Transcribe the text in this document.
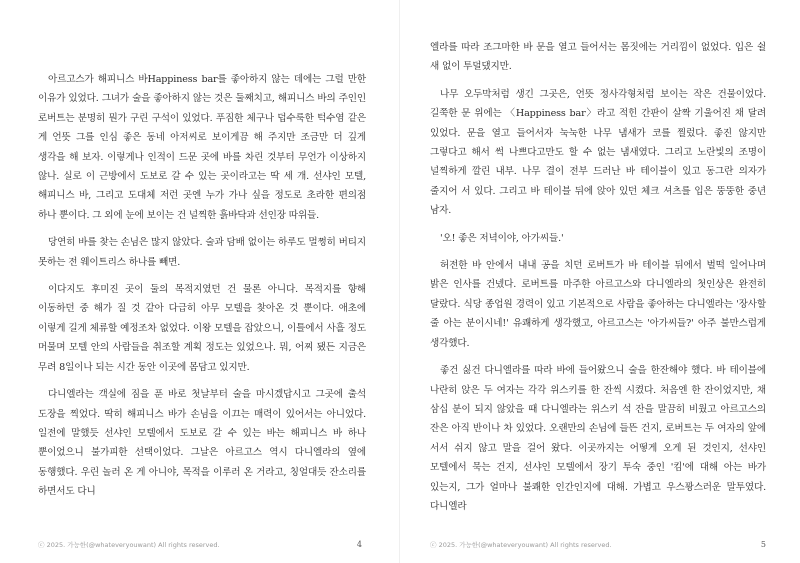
아르고스가 해피니스 바Happiness bar를 좋아하지 않는 데에는 그럴 만한 이유가 있었다. 그녀가 술을 좋아하지 않는 것은 둘째치고, 해피니스 바의 주인인 로버트는 분명히 뭔가 구린 구석이 있었다. 푸짐한 체구나 덥수룩한 턱수염 같은 게 언뜻 그를 인심 좋은 동네 아저씨로 보이게끔 해 주지만 조금만 더 깊게 생각을 해 보자. 이렇게나 인적이 드문 곳에 바를 차린 것부터 무언가 이상하지 않나. 실로 이 근방에서 도보로 갈 수 있는 곳이라고는 딱 세 개. 선샤인 모텔, 해피니스 바, 그리고 도대체 저런 곳엔 누가 가나 싶을 정도로 초라한 편의점 하나 뿐이다. 그 외에 눈에 보이는 건 널찍한 흙바닥과 선인장 따위들.

당연히 바를 찾는 손님은 많지 않았다. 술과 담배 없이는 하루도 멀쩡히 버티지 못하는 전 웨이트리스 하나를 빼면.

이다지도 후미진 곳이 둘의 목적지였던 건 물론 아니다. 목적지를 향해 이동하던 중 해가 질 것 같아 다급히 아무 모텔을 찾아온 것 뿐이다. 애초에 이렇게 길게 체류할 예정조차 없었다. 이왕 모텔을 잡았으니, 이틀에서 사흘 정도 머물며 모텔 안의 사람들을 취조할 계획 정도는 있었으나. 뭐, 어찌 됐든 지금은 무려 8일이나 되는 시간 동안 이곳에 몸담고 있지만.

다니엘라는 객실에 짐을 푼 바로 첫날부터 술을 마시겠답시고 그곳에 출석 도장을 찍었다. 딱히 해피니스 바가 손님을 이끄는 매력이 있어서는 아니었다. 일전에 말했듯 선샤인 모텔에서 도보로 갈 수 있는 바는 해피니스 바 하나 뿐이었으니 불가피한 선택이었다. 그날은 아르고스 역시 다니엘라의 옆에 동행했다. 우린 놀러 온 게 아니야, 목적을 이루러 온 거라고, 칭얼대듯 잔소리를 하면서도 다니

ⓒ 2025. 가능한(@whateveryouwant) All rights reserved.	4

엘라를 따라 조그마한 바 문을 열고 들어서는 몸짓에는 거리낌이 없었다. 입은 쉴 새 없이 투덜댔지만.

나무 오두막처럼 생긴 그곳은, 언뜻 정사각형처럼 보이는 작은 건물이었다. 길쭉한 문 위에는 〈Happiness bar〉라고 적힌 간판이 살짝 기울어진 채 달려 있었다. 문을 열고 들어서자 눅눅한 나무 냄새가 코를 찔렀다. 좋진 않지만 그렇다고 해서 썩 나쁘다고만도 할 수 없는 냄새였다. 그리고 노란빛의 조명이 널찍하게 깔린 내부. 나무 결이 전부 드러난 바 테이블이 있고 동그란 의자가 줄지어 서 있다. 그리고 바 테이블 뒤에 앉아 있던 체크 셔츠를 입은 뚱뚱한 중년 남자.

'오! 좋은 저녁이야, 아가씨들.'

허전한 바 안에서 내내 공을 치던 로버트가 바 테이블 뒤에서 벌떡 일어나며 밝은 인사를 건넸다. 로버트를 마주한 아르고스와 다니엘라의 첫인상은 완전히 달랐다. 식당 종업원 경력이 있고 기본적으로 사람을 좋아하는 다니엘라는 '장사할 줄 아는 분이시네!' 유쾌하게 생각했고, 아르고스는 '아가씨들?' 아주 불만스럽게 생각했다.

좋건 싫건 다니엘라를 따라 바에 들어왔으니 술을 한잔해야 했다. 바 테이블에 나란히 앉은 두 여자는 각각 위스키를 한 잔씩 시켰다. 처음엔 한 잔이었지만, 채 삼십 분이 되지 않았을 때 다니엘라는 위스키 석 잔을 말끔히 비웠고 아르고스의 잔은 아직 반이나 차 있었다. 오랜만의 손님에 들뜬 건지, 로버트는 두 여자의 앞에 서서 쉬지 않고 말을 걸어 왔다. 이곳까지는 어떻게 오게 된 것인지, 선샤인 모텔에서 묵는 건지, 선샤인 모텔에서 장기 투숙 중인 '킴'에 대해 아는 바가 있는지, 그가 얼마나 불쾌한 인간인지에 대해. 가볍고 우스꽝스러운 말투였다. 다니엘라

ⓒ 2025. 가능한(@whateveryouwant) All rights reserved.	5
